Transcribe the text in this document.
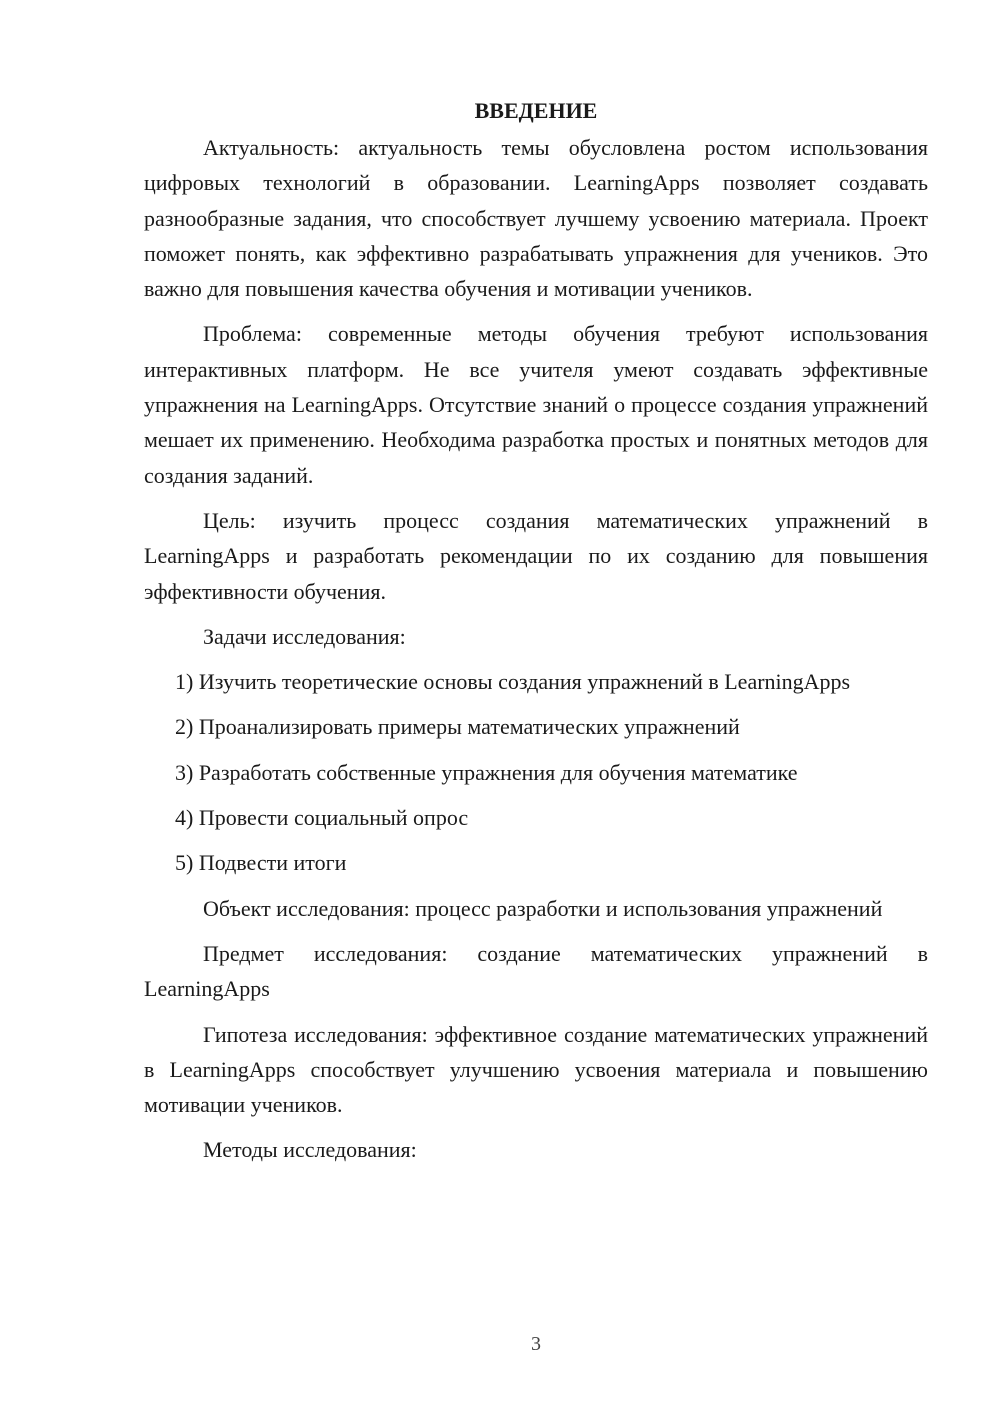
ВВЕДЕНИЕ

Актуальность: актуальность темы обусловлена ростом использования цифровых технологий в образовании. LearningApps позволяет создавать разнообразные задания, что способствует лучшему усвоению материала. Проект поможет понять, как эффективно разрабатывать упражнения для учеников. Это важно для повышения качества обучения и мотивации учеников.

Проблема: современные методы обучения требуют использования интерактивных платформ. Не все учителя умеют создавать эффективные упражнения на LearningApps. Отсутствие знаний о процессе создания упражнений мешает их применению. Необходима разработка простых и понятных методов для создания заданий.

Цель: изучить процесс создания математических упражнений в LearningApps и разработать рекомендации по их созданию для повышения эффективности обучения.

Задачи исследования:

1) Изучить теоретические основы создания упражнений в LearningApps

2) Проанализировать примеры математических упражнений

3) Разработать собственные упражнения для обучения математике

4) Провести социальный опрос

5) Подвести итоги

Объект исследования: процесс разработки и использования упражнений

Предмет исследования: создание математических упражнений в LearningApps

Гипотеза исследования: эффективное создание математических упражнений в LearningApps способствует улучшению усвоения материала и повышению мотивации учеников.

Методы исследования:

3
